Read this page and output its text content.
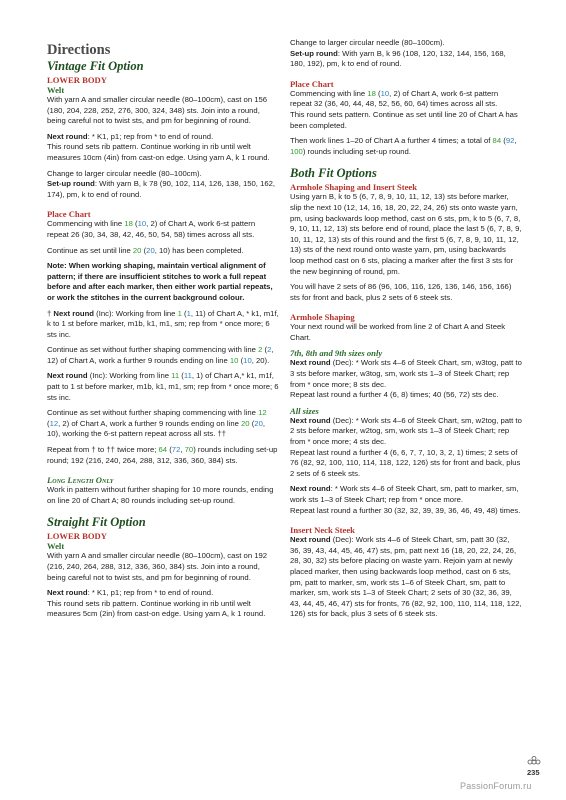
Directions
Vintage Fit Option
LOWER BODY
Welt

With yarn A and smaller circular needle (80–100cm), cast on 156 (180, 204, 228, 252, 276, 300, 324, 348) sts. Join into a round, being careful not to twist sts, and pm for beginning of round.

Next round: * K1, p1; rep from * to end of round.
This round sets rib pattern. Continue working in rib until welt measures 10cm (4in) from cast-on edge. Using yarn A, k 1 round.

Change to larger circular needle (80–100cm).
Set-up round: With yarn B, k 78 (90, 102, 114, 126, 138, 150, 162, 174), pm, k to end of round.

Place Chart

Commencing with line 18 (10, 2) of Chart A, work 6-st pattern repeat 26 (30, 34, 38, 42, 46, 50, 54, 58) times across all sts.

Continue as set until line 20 (20, 10) has been completed.

Note: When working shaping, maintain vertical alignment of pattern; if there are insufficient stitches to work a full repeat before and after each marker, then either work partial repeats, or work the stitches in the current background colour.

† Next round (Inc): Working from line 1 (1, 11) of Chart A, * k1, m1f, k to 1 st before marker, m1b, k1, m1, sm; rep from * once more; 6 sts inc.

Continue as set without further shaping commencing with line 2 (2, 12) of Chart A, work a further 9 rounds ending on line 10 (10, 20).

Next round (Inc): Working from line 11 (11, 1) of Chart A,* k1, m1f, patt to 1 st before marker, m1b, k1, m1, sm; rep from * once more; 6 sts inc.

Continue as set without further shaping commencing with line 12 (12, 2) of Chart A, work a further 9 rounds ending on line 20 (20, 10), working the 6-st pattern repeat across all sts. ††

Repeat from † to †† twice more; 64 (72, 70) rounds including set-up round; 192 (216, 240, 264, 288, 312, 336, 360, 384) sts.

Long Length Only

Work in pattern without further shaping for 10 more rounds, ending on line 20 of Chart A; 80 rounds including set-up round.

Straight Fit Option
LOWER BODY
Welt

With yarn A and smaller circular needle (80–100cm), cast on 192 (216, 240, 264, 288, 312, 336, 360, 384) sts. Join into a round, being careful not to twist sts, and pm for beginning of round.

Next round: * K1, p1; rep from * to end of round.
This round sets rib pattern. Continue working in rib until welt measures 5cm (2in) from cast-on edge. Using yarn A, k 1 round.

Change to larger circular needle (80–100cm).
Set-up round: With yarn B, k 96 (108, 120, 132, 144, 156, 168, 180, 192), pm, k to end of round.

Place Chart

Commencing with line 18 (10, 2) of Chart A, work 6-st pattern repeat 32 (36, 40, 44, 48, 52, 56, 60, 64) times across all sts.
This round sets pattern. Continue as set until line 20 of Chart A has been completed.

Then work lines 1–20 of Chart A a further 4 times; a total of 84 (92, 100) rounds including set-up round.

Both Fit Options
Armhole Shaping and Insert Steek

Using yarn B, k to 5 (6, 7, 8, 9, 10, 11, 12, 13) sts before marker, slip the next 10 (12, 14, 16, 18, 20, 22, 24, 26) sts onto waste yarn, pm, using backwards loop method, cast on 6 sts, pm, k to 5 (6, 7, 8, 9, 10, 11, 12, 13) sts before end of round, place the last 5 (6, 7, 8, 9, 10, 11, 12, 13) sts of this round and the first 5 (6, 7, 8, 9, 10, 11, 12, 13) sts of the next round onto waste yarn, pm, using backwards loop method cast on 6 sts, placing a marker after the first 3 sts for the new beginning of round, pm.

You will have 2 sets of 86 (96, 106, 116, 126, 136, 146, 156, 166) sts for front and back, plus 2 sets of 6 steek sts.

Armhole Shaping

Your next round will be worked from line 2 of Chart A and Steek Chart.

7th, 8th and 9th sizes only

Next round (Dec): * Work sts 4–6 of Steek Chart, sm, w3tog, patt to 3 sts before marker, w3tog, sm, work sts 1–3 of Steek Chart; rep from * once more; 8 sts dec.
Repeat last round a further 4 (6, 8) times; 40 (56, 72) sts dec.

All sizes

Next round (Dec): * Work sts 4–6 of Steek Chart, sm, w2tog, patt to 2 sts before marker, w2tog, sm, work sts 1–3 of Steek Chart; rep from * once more; 4 sts dec.
Repeat last round a further 4 (6, 6, 7, 7, 10, 3, 2, 1) times; 2 sets of 76 (82, 92, 100, 110, 114, 118, 122, 126) sts for front and back, plus 2 sets of 6 steek sts.

Next round: * Work sts 4–6 of Steek Chart, sm, patt to marker, sm, work sts 1–3 of Steek Chart; rep from * once more.
Repeat last round a further 30 (32, 32, 39, 39, 36, 46, 49, 48) times.

Insert Neck Steek

Next round (Dec): Work sts 4–6 of Steek Chart, sm, patt 30 (32, 36, 39, 43, 44, 45, 46, 47) sts, pm, patt next 16 (18, 20, 22, 24, 26, 28, 30, 32) sts before placing on waste yarn. Rejoin yarn at newly placed marker, then using backwards loop method, cast on 6 sts, pm, patt to marker, sm, work sts 1–6 of Steek Chart, sm, patt to marker, sm, work sts 1–3 of Steek Chart; 2 sets of 30 (32, 36, 39, 43, 44, 45, 46, 47) sts for fronts, 76 (82, 92, 100, 110, 114, 118, 122, 126) sts for back, plus 3 sets of 6 steek sts.

235
PassionForum.ru
